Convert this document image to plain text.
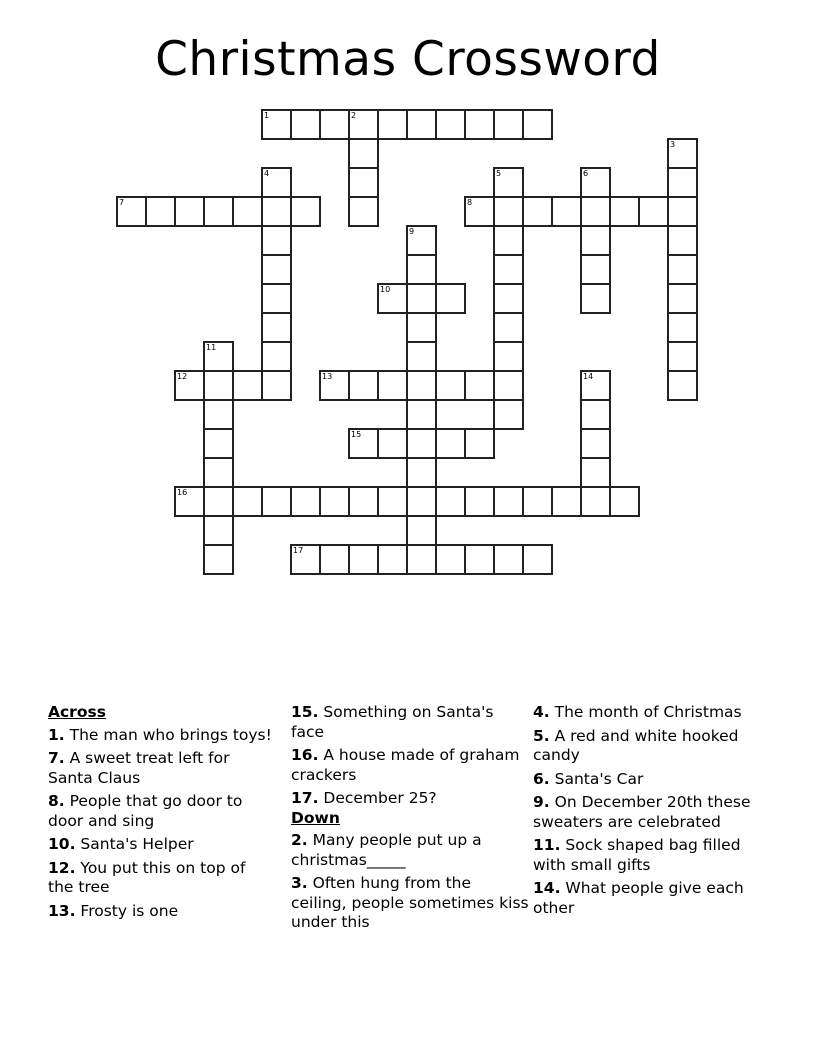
Christmas Crossword
1	2
3
4	5	6
7	8
9
10
11
12	13	14
15
16
17
Across
1. The man who brings toys!
7. A sweet treat left for Santa Claus
8. People that go door to door and sing
10. Santa's Helper
12. You put this on top of the tree
13. Frosty is one
15. Something on Santa's face
16. A house made of graham crackers
17. December 25?
Down
2. Many people put up a christmas_____
3. Often hung from the ceiling, people sometimes kiss under this
4. The month of Christmas
5. A red and white hooked candy
6. Santa's Car
9. On December 20th these sweaters are celebrated
11. Sock shaped bag filled with small gifts
14. What people give each other
